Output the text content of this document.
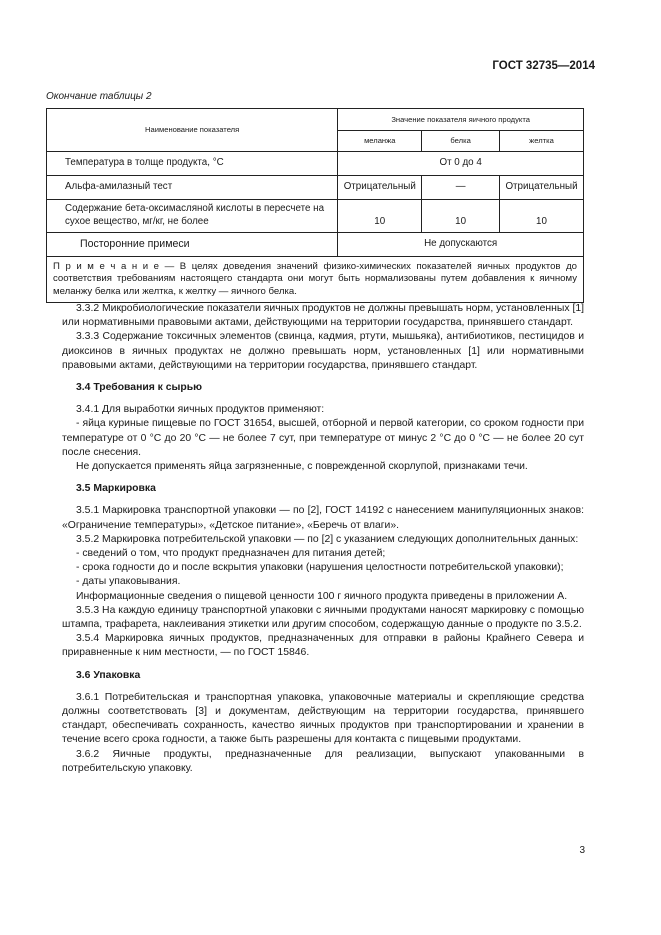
ГОСТ 32735—2014
Окончание таблицы 2
Наименование показателя	Значение показателя яичного продукта		
	меланжа	белка	желтка
Температура в толще продукта, °С	От 0 до 4		
Альфа-амилазный тест	Отрицательный	—	Отрицательный
Содержание бета-оксимасляной кислоты в пересчете на сухое вещество, мг/кг, не более	10	10	10
Посторонние примеси	Не допускаются		
П р и м е ч а н и е — В целях доведения значений физико-химических показателей яичных продуктов до соответствия требованиям настоящего стандарта они могут быть нормализованы путем добавления к яичному меланжу белка или желтка, к желтку — яичного белка.			

3.3.2 Микробиологические показатели яичных продуктов не должны превышать норм, установленных [1] или нормативными правовыми актами, действующими на территории государства, принявшего стандарт.

3.3.3 Содержание токсичных элементов (свинца, кадмия, ртути, мышьяка), антибиотиков, пестицидов и диоксинов в яичных продуктах не должно превышать норм, установленных [1] или нормативными правовыми актами, действующими на территории государства, принявшего стандарт.

3.4 Требования к сырью

3.4.1 Для выработки яичных продуктов применяют:

- яйца куриные пищевые по ГОСТ 31654, высшей, отборной и первой категории, со сроком годности при температуре от 0 °С до 20 °С — не более 7 сут, при температуре от минус 2 °С до 0 °С — не более 20 сут после снесения.

Не допускается применять яйца загрязненные, с поврежденной скорлупой, признаками течи.

3.5 Маркировка

3.5.1 Маркировка транспортной упаковки — по [2], ГОСТ 14192 с нанесением манипуляционных знаков: «Ограничение температуры», «Детское питание», «Беречь от влаги».

3.5.2 Маркировка потребительской упаковки — по [2] с указанием следующих дополнительных данных:

- сведений о том, что продукт предназначен для питания детей;

- срока годности до и после вскрытия упаковки (нарушения целостности потребительской упаковки);

- даты упаковывания.

Информационные сведения о пищевой ценности 100 г яичного продукта приведены в приложении А.

3.5.3 На каждую единицу транспортной упаковки с яичными продуктами наносят маркировку с помощью штампа, трафарета, наклеивания этикетки или другим способом, содержащую данные о продукте по 3.5.2.

3.5.4 Маркировка яичных продуктов, предназначенных для отправки в районы Крайнего Севера и приравненные к ним местности, — по ГОСТ 15846.

3.6 Упаковка

3.6.1 Потребительская и транспортная упаковка, упаковочные материалы и скрепляющие средства должны соответствовать [3] и документам, действующим на территории государства, принявшего стандарт, обеспечивать сохранность, качество яичных продуктов при транспортировании и хранении в течение всего срока годности, а также быть разрешены для контакта с пищевыми продуктами.

3.6.2 Яичные продукты, предназначенные для реализации, выпускают упакованными в потребительскую упаковку.

3
